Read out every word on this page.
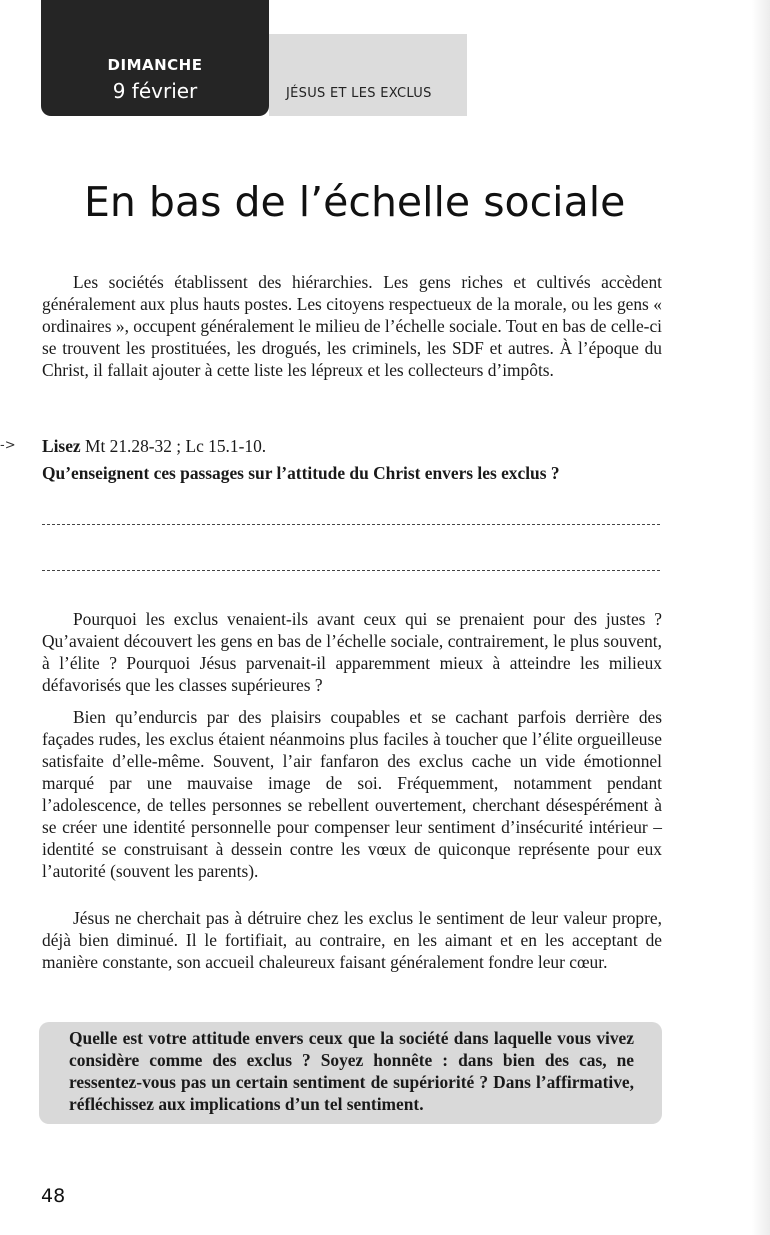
DIMANCHE
9 février	JÉSUS ET LES EXCLUS
En bas de l’échelle sociale

Les sociétés établissent des hiérarchies. Les gens riches et cultivés accèdent généralement aux plus hauts postes. Les citoyens respectueux de la morale, ou les gens « ordinaires », occupent généralement le milieu de l’échelle sociale. Tout en bas de celle-ci se trouvent les prostituées, les drogués, les criminels, les SDF et autres. À l’époque du Christ, il fallait ajouter à cette liste les lépreux et les collecteurs d’impôts.

-> Lisez Mt 21.28-32 ; Lc 15.1-10.
Qu’enseignent ces passages sur l’attitude du Christ envers les exclus ?

Pourquoi les exclus venaient-ils avant ceux qui se prenaient pour des justes ? Qu’avaient découvert les gens en bas de l’échelle sociale, contrairement, le plus souvent, à l’élite ? Pourquoi Jésus parvenait-il apparemment mieux à atteindre les milieux défavorisés que les classes supérieures ?

Bien qu’endurcis par des plaisirs coupables et se cachant parfois derrière des façades rudes, les exclus étaient néanmoins plus faciles à toucher que l’élite orgueilleuse satisfaite d’elle-même. Souvent, l’air fanfaron des exclus cache un vide émotionnel marqué par une mauvaise image de soi. Fréquemment, notamment pendant l’adolescence, de telles personnes se rebellent ouvertement, cherchant désespérément à se créer une identité personnelle pour compenser leur sentiment d’insécurité intérieur – identité se construisant à dessein contre les vœux de quiconque représente pour eux l’autorité (souvent les parents).

Jésus ne cherchait pas à détruire chez les exclus le sentiment de leur valeur propre, déjà bien diminué. Il le fortifiait, au contraire, en les aimant et en les acceptant de manière constante, son accueil chaleureux faisant généralement fondre leur cœur.

Quelle est votre attitude envers ceux que la société dans laquelle vous vivez considère comme des exclus ? Soyez honnête : dans bien des cas, ne ressentez-vous pas un certain sentiment de supériorité ? Dans l’affirmative, réfléchissez aux implications d’un tel sentiment.

48
